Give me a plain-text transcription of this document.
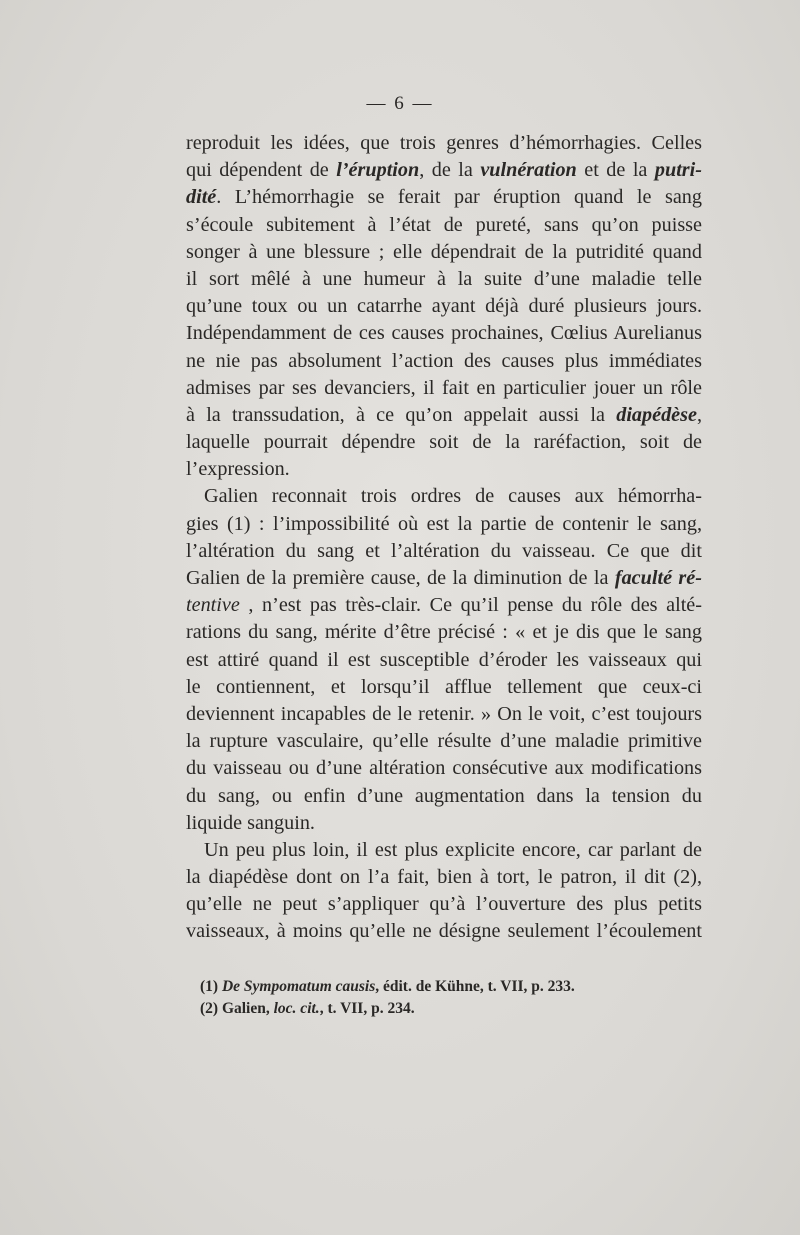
— 6 —
reproduit les idées, que trois genres d’hémorrhagies. Celles
qui dépendent de l’éruption, de la vulnération et de la putri-
dité. L’hémorrhagie se ferait par éruption quand le sang
s’écoule subitement à l’état de pureté, sans qu’on puisse
songer à une blessure ; elle dépendrait de la putridité quand
il sort mêlé à une humeur à la suite d’une maladie telle
qu’une toux ou un catarrhe ayant déjà duré plusieurs jours.
Indépendamment de ces causes prochaines, Cœlius Aurelianus
ne nie pas absolument l’action des causes plus immédiates
admises par ses devanciers, il fait en particulier jouer un rôle
à la transsudation, à ce qu’on appelait aussi la diapédèse,
laquelle pourrait dépendre soit de la raréfaction, soit de
l’expression.
Galien reconnait trois ordres de causes aux hémorrha-
gies (1) : l’impossibilité où est la partie de contenir le sang,
l’altération du sang et l’altération du vaisseau. Ce que dit
Galien de la première cause, de la diminution de la faculté ré-
tentive , n’est pas très-clair. Ce qu’il pense du rôle des alté-
rations du sang, mérite d’être précisé : « et je dis que le sang
est attiré quand il est susceptible d’éroder les vaisseaux qui
le contiennent, et lorsqu’il afflue tellement que ceux-ci
deviennent incapables de le retenir. » On le voit, c’est toujours
la rupture vasculaire, qu’elle résulte d’une maladie primitive
du vaisseau ou d’une altération consécutive aux modifications
du sang, ou enfin d’une augmentation dans la tension du
liquide sanguin.
Un peu plus loin, il est plus explicite encore, car parlant de
la diapédèse dont on l’a fait, bien à tort, le patron, il dit (2),
qu’elle ne peut s’appliquer qu’à l’ouverture des plus petits
vaisseaux, à moins qu’elle ne désigne seulement l’écoulement
(1) De Sympomatum causis, édit. de Kühne, t. VII, p. 233.
(2) Galien, loc. cit., t. VII, p. 234.
